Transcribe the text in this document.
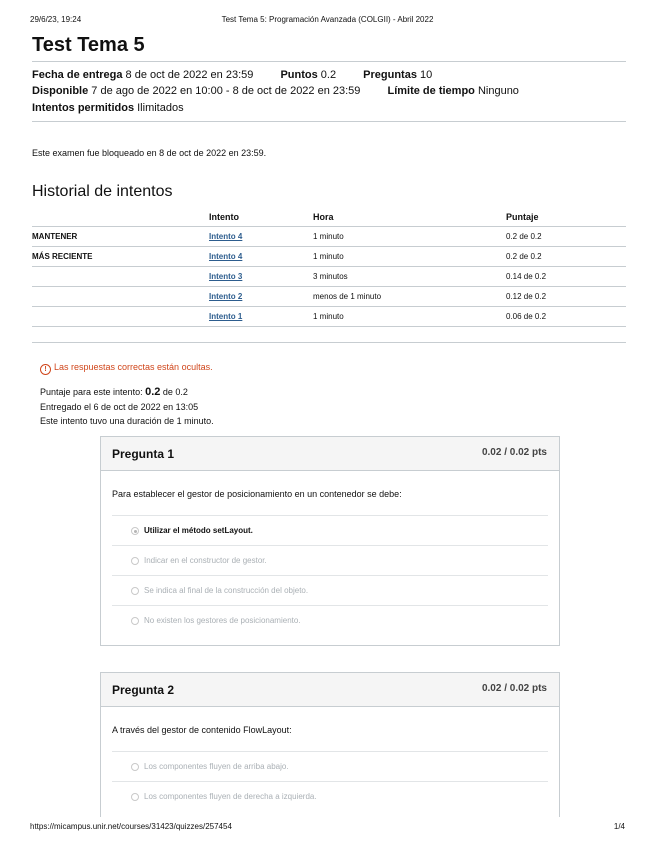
29/6/23, 19:24	Test Tema 5: Programación Avanzada (COLGII) - Abril 2022
Test Tema 5
Fecha de entrega 8 de oct de 2022 en 23:59 Puntos 0.2 Preguntas 10
Disponible 7 de ago de 2022 en 10:00 - 8 de oct de 2022 en 23:59 Límite de tiempo Ninguno
Intentos permitidos Ilimitados
Este examen fue bloqueado en 8 de oct de 2022 en 23:59.
Historial de intentos
	Intento	Hora	Puntaje
MANTENER	Intento 4	1 minuto	0.2 de 0.2
MÁS RECIENTE	Intento 4	1 minuto	0.2 de 0.2
	Intento 3	3 minutos	0.14 de 0.2
	Intento 2	menos de 1 minuto	0.12 de 0.2
	Intento 1	1 minuto	0.06 de 0.2
! Las respuestas correctas están ocultas.
Puntaje para este intento: 0.2 de 0.2
Entregado el 6 de oct de 2022 en 13:05
Este intento tuvo una duración de 1 minuto.
Pregunta 1	0.02 / 0.02 pts
Para establecer el gestor de posicionamiento en un contenedor se debe:
Utilizar el método setLayout.
Indicar en el constructor de gestor.
Se indica al final de la construcción del objeto.
No existen los gestores de posicionamiento.
Pregunta 2	0.02 / 0.02 pts
A través del gestor de contenido FlowLayout:
Los componentes fluyen de arriba abajo.
Los componentes fluyen de derecha a izquierda.
https://micampus.unir.net/courses/31423/quizzes/257454	1/4
